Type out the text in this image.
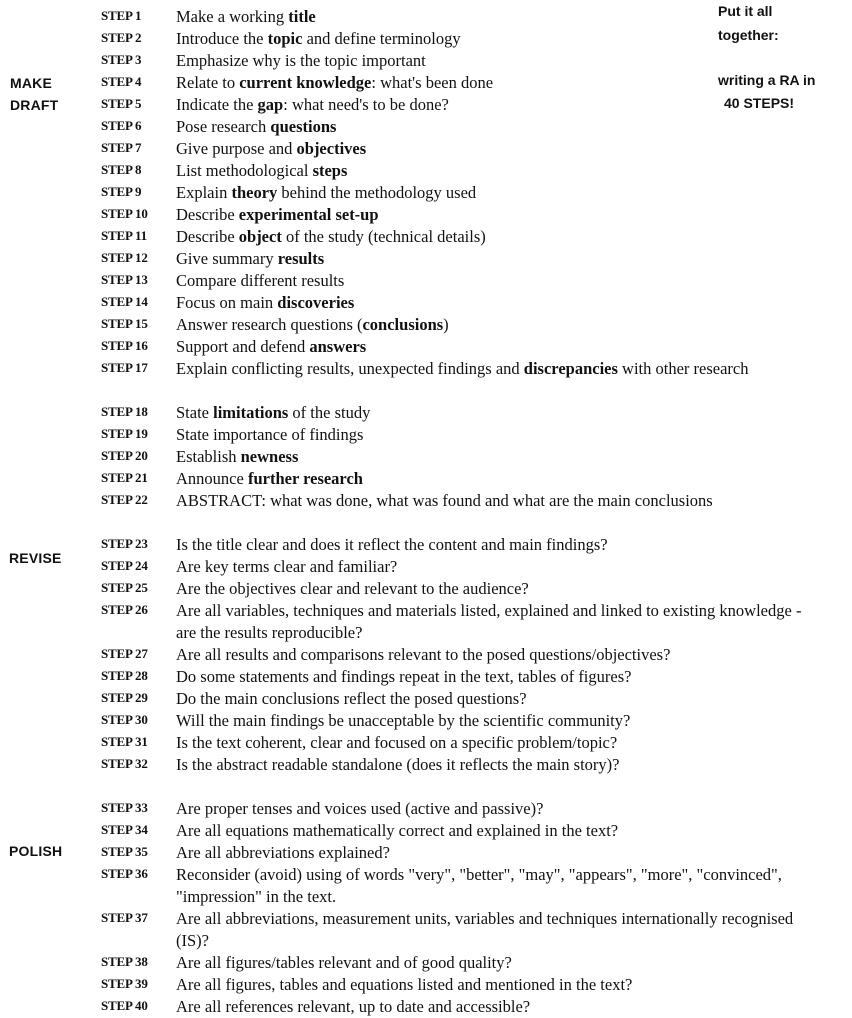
MAKE
DRAFT
REVISE
POLISH
Put it all
together:
writing a RA in
40 STEPS!
STEP 1 Make a working title
STEP 2 Introduce the topic and define terminology
STEP 3 Emphasize why is the topic important
STEP 4 Relate to current knowledge: what's been done
STEP 5 Indicate the gap: what need's to be done?
STEP 6 Pose research questions
STEP 7 Give purpose and objectives
STEP 8 List methodological steps
STEP 9 Explain theory behind the methodology used
STEP 10 Describe experimental set-up
STEP 11 Describe object of the study (technical details)
STEP 12 Give summary results
STEP 13 Compare different results
STEP 14 Focus on main discoveries
STEP 15 Answer research questions (conclusions)
STEP 16 Support and defend answers
STEP 17 Explain conflicting results, unexpected findings and discrepancies with other research
STEP 18 State limitations of the study
STEP 19 State importance of findings
STEP 20 Establish newness
STEP 21 Announce further research
STEP 22 ABSTRACT: what was done, what was found and what are the main conclusions
STEP 23 Is the title clear and does it reflect the content and main findings?
STEP 24 Are key terms clear and familiar?
STEP 25 Are the objectives clear and relevant to the audience?
STEP 26 Are all variables, techniques and materials listed, explained and linked to existing knowledge - are the results reproducible?
STEP 27 Are all results and comparisons relevant to the posed questions/objectives?
STEP 28 Do some statements and findings repeat in the text, tables of figures?
STEP 29 Do the main conclusions reflect the posed questions?
STEP 30 Will the main findings be unacceptable by the scientific community?
STEP 31 Is the text coherent, clear and focused on a specific problem/topic?
STEP 32 Is the abstract readable standalone (does it reflects the main story)?
STEP 33 Are proper tenses and voices used (active and passive)?
STEP 34 Are all equations mathematically correct and explained in the text?
STEP 35 Are all abbreviations explained?
STEP 36 Reconsider (avoid) using of words "very", "better", "may", "appears", "more", "convinced", "impression" in the text.
STEP 37 Are all abbreviations, measurement units, variables and techniques internationally recognised (IS)?
STEP 38 Are all figures/tables relevant and of good quality?
STEP 39 Are all figures, tables and equations listed and mentioned in the text?
STEP 40 Are all references relevant, up to date and accessible?
